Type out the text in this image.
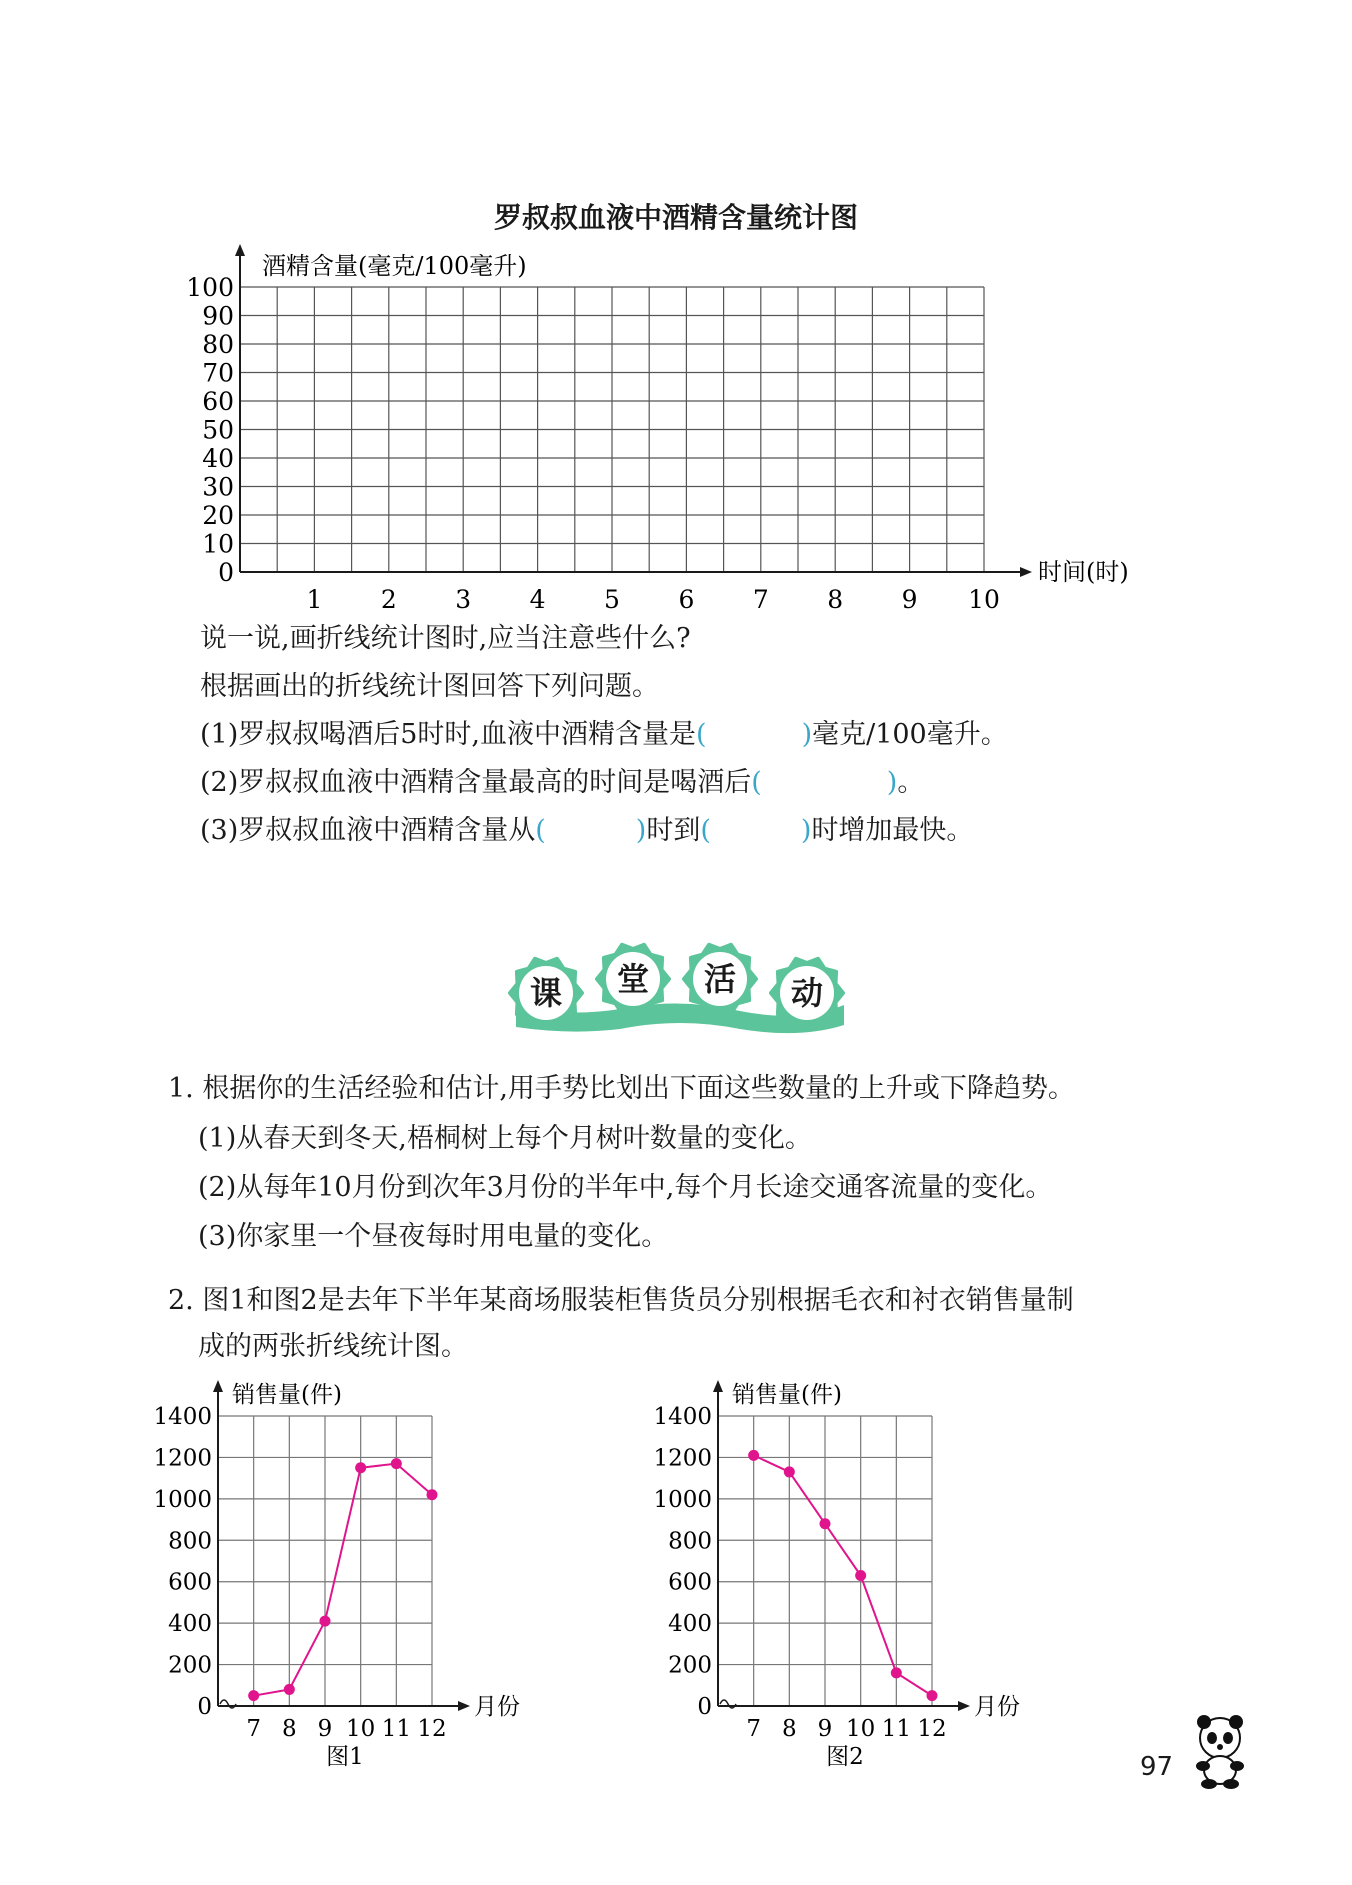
罗叔叔血液中酒精含量统计图
酒精含量(毫克/100毫升)
时间(时)
100
90
80
70
60
50
40
30
20
10
0
1 2 3 4 5 6 7 8 9 10
说一说,画折线统计图时,应当注意些什么?
根据画出的折线统计图回答下列问题。
(1)罗叔叔喝酒后5时时,血液中酒精含量是(	)毫克/100毫升。
(2)罗叔叔血液中酒精含量最高的时间是喝酒后(	)。
(3)罗叔叔血液中酒精含量从(	)时到(	)时增加最快。
课 堂 活 动
1. 根据你的生活经验和估计,用手势比划出下面这些数量的上升或下降趋势。
(1)从春天到冬天,梧桐树上每个月树叶数量的变化。
(2)从每年10月份到次年3月份的半年中,每个月长途交通客流量的变化。
(3)你家里一个昼夜每时用电量的变化。
2. 图1和图2是去年下半年某商场服装柜售货员分别根据毛衣和衬衣销售量制
成的两张折线统计图。
销售量(件)
月份
1400
1200
1000
800
600
400
200
0
7 8 9 10 11 12
图1
销售量(件)
月份
1400
1200
1000
800
600
400
200
0
7 8 9 10 11 12
图2	97
